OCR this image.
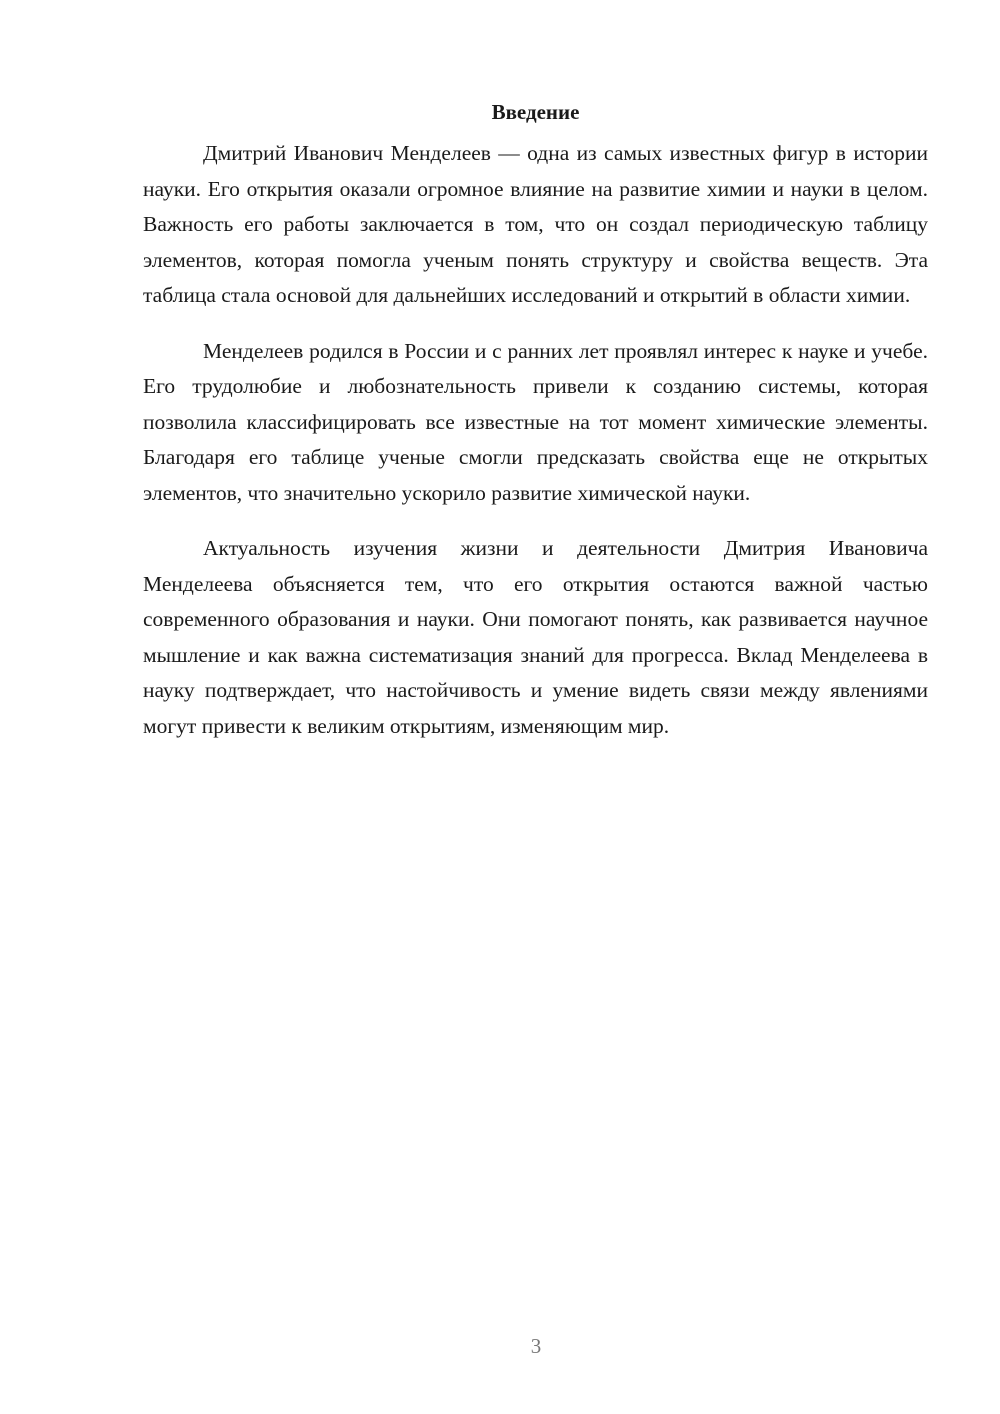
Введение

Дмитрий Иванович Менделеев — одна из самых известных фигур в истории науки. Его открытия оказали огромное влияние на развитие химии и науки в целом. Важность его работы заключается в том, что он создал периодическую таблицу элементов, которая помогла ученым понять структуру и свойства веществ. Эта таблица стала основой для дальнейших исследований и открытий в области химии.

Менделеев родился в России и с ранних лет проявлял интерес к науке и учебе. Его трудолюбие и любознательность привели к созданию системы, которая позволила классифицировать все известные на тот момент химические элементы. Благодаря его таблице ученые смогли предсказать свойства еще не открытых элементов, что значительно ускорило развитие химической науки.

Актуальность изучения жизни и деятельности Дмитрия Ивановича Менделеева объясняется тем, что его открытия остаются важной частью современного образования и науки. Они помогают понять, как развивается научное мышление и как важна систематизация знаний для прогресса. Вклад Менделеева в науку подтверждает, что настойчивость и умение видеть связи между явлениями могут привести к великим открытиям, изменяющим мир.

3
